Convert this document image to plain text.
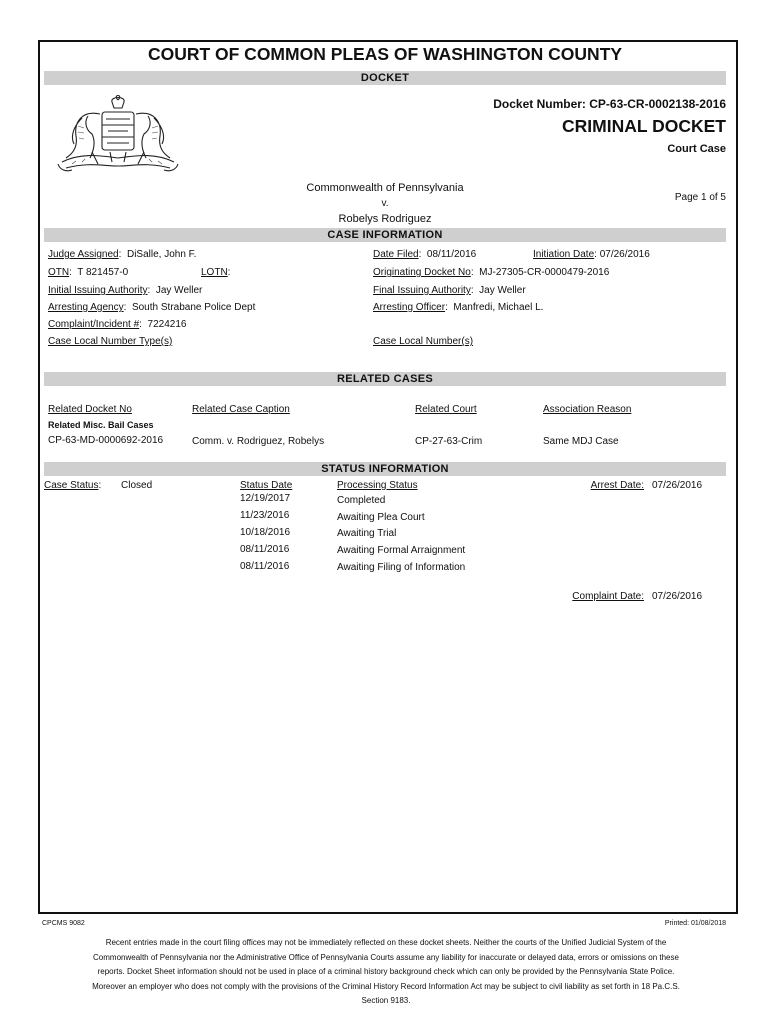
COURT OF COMMON PLEAS OF WASHINGTON COUNTY
DOCKET
Docket Number: CP-63-CR-0002138-2016
CRIMINAL DOCKET
Court Case
Commonwealth of Pennsylvania
v.
Robelys Rodriguez
Page 1 of 5
CASE INFORMATION
Judge Assigned:  DiSalle, John F.	Date Filed:  08/11/2016	Initiation Date: 07/26/2016
OTN:  T 821457-0	LOTN:	Originating Docket No:  MJ-27305-CR-0000479-2016
Initial Issuing Authority:  Jay Weller	Final Issuing Authority:  Jay Weller
Arresting Agency:  South Strabane Police Dept	Arresting Officer:  Manfredi, Michael L.
Complaint/Incident #:  7224216
Case Local Number Type(s)	Case Local Number(s)
RELATED CASES
Related Docket No	Related Case Caption	Related Court	Association Reason
Related Misc. Bail Cases
CP-63-MD-0000692-2016	Comm. v. Rodriguez, Robelys	CP-27-63-Crim	Same MDJ Case
STATUS INFORMATION
Case Status: Closed	Status Date	Processing Status	Arrest Date: 07/26/2016
12/19/2017	Completed
11/23/2016	Awaiting Plea Court
10/18/2016	Awaiting Trial
08/11/2016	Awaiting Formal Arraignment
08/11/2016	Awaiting Filing of Information
Complaint Date: 07/26/2016
CPCMS 9082	Printed: 01/08/2018
Recent entries made in the court filing offices may not be immediately reflected on these docket sheets. Neither the courts of the Unified Judicial System of the Commonwealth of Pennsylvania nor the Administrative Office of Pennsylvania Courts assume any liability for inaccurate or delayed data, errors or omissions on these reports. Docket Sheet information should not be used in place of a criminal history background check which can only be provided by the Pennsylvania State Police. Moreover an employer who does not comply with the provisions of the Criminal History Record Information Act may be subject to civil liability as set forth in 18 Pa.C.S. Section 9183.
